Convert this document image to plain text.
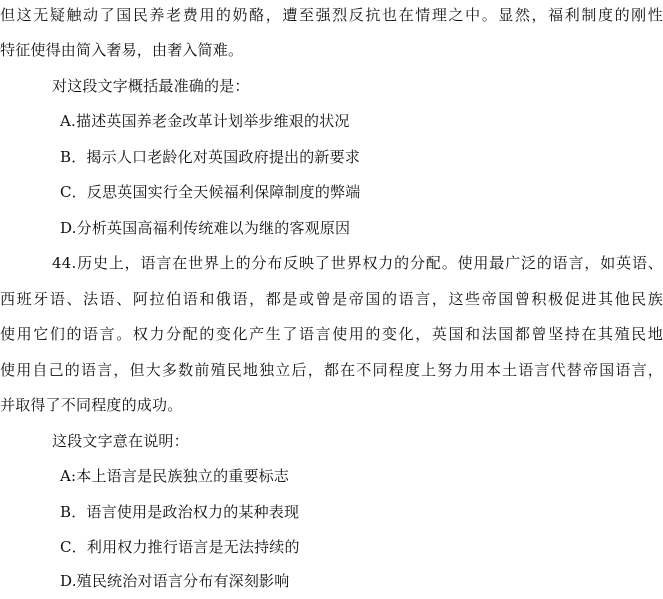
但这无疑触动了国民养老费用的奶酪，遭至强烈反抗也在情理之中。显然，福利制度的刚性
特征使得由简入奢易，由奢入简难。
对这段文字概括最准确的是：
A.描述英国养老金改革计划举步维艰的状况
B．揭示人口老龄化对英国政府提出的新要求
C．反思英国实行全天候福利保障制度的弊端
D.分析英国高福利传统难以为继的客观原因
44.历史上，语言在世界上的分布反映了世界权力的分配。使用最广泛的语言，如英语、
西班牙语、法语、阿拉伯语和俄语，都是或曾是帝国的语言，这些帝国曾积极促进其他民族
使用它们的语言。权力分配的变化产生了语言使用的变化，英国和法国都曾坚持在其殖民地
使用自己的语言，但大多数前殖民地独立后，都在不同程度上努力用本土语言代替帝国语言，
并取得了不同程度的成功。
这段文字意在说明：
A:本上语言是民族独立的重要标志
B．语言使用是政治权力的某种表现
C．利用权力推行语言是无法持续的
D.殖民统治对语言分布有深刻影响
